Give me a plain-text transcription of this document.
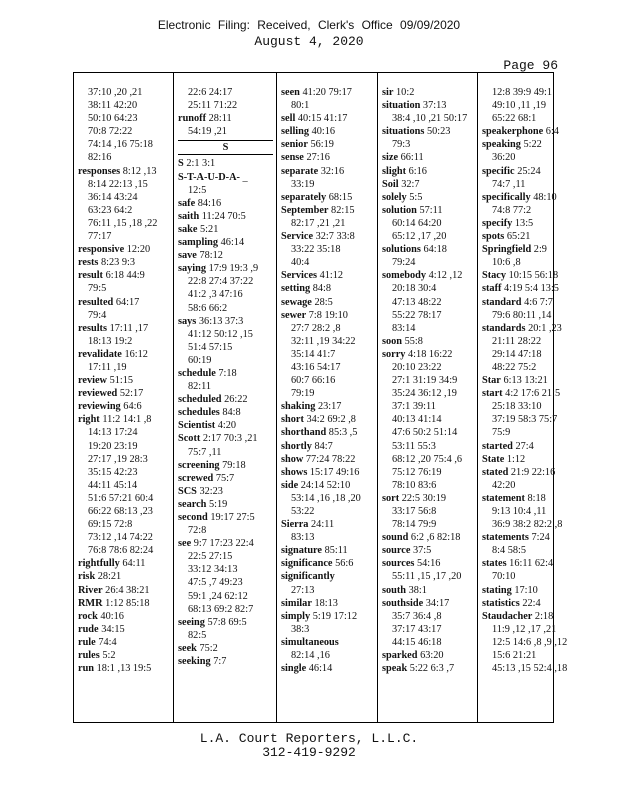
Electronic Filing: Received, Clerk's Office 09/09/2020
August 4, 2020
Page 96
37:10 ,20 ,21
38:11 42:20
50:10 64:23
70:8 72:22
74:14 ,16 75:18
82:16
responses 8:12 ,13
8:14 22:13 ,15
36:14 43:24
63:23 64:2
76:11 ,15 ,18 ,22
77:17
responsive 12:20
rests 8:23 9:3
result 6:18 44:9
79:5
resulted 64:17
79:4
results 17:11 ,17
18:13 19:2
revalidate 16:12
17:11 ,19
review 51:15
reviewed 52:17
reviewing 64:6
right 11:2 14:1 ,8
14:13 17:24
19:20 23:19
27:17 ,19 28:3
35:15 42:23
44:11 45:14
51:6 57:21 60:4
66:22 68:13 ,23
69:15 72:8
73:12 ,14 74:22
76:8 78:6 82:24
rightfully 64:11
risk 28:21
River 26:4 38:21
RMR 1:12 85:18
rock 40:16
rude 34:15
rule 74:4
rules 5:2
run 18:1 ,13 19:5
22:6 24:17
25:11 71:22
runoff 28:11
54:19 ,21
S
S 2:1 3:1
S-T-A-U-D-A- _
12:5
safe 84:16
saith 11:24 70:5
sake 5:21
sampling 46:14
save 78:12
saying 17:9 19:3 ,9
22:8 27:4 37:22
41:2 ,3 47:16
58:6 66:2
says 36:13 37:3
41:12 50:12 ,15
51:4 57:15
60:19
schedule 7:18
82:11
scheduled 26:22
schedules 84:8
Scientist 4:20
Scott 2:17 70:3 ,21
75:7 ,11
screening 79:18
screwed 75:7
SCS 32:23
search 5:19
second 19:17 27:5
72:8
see 9:7 17:23 22:4
22:5 27:15
33:12 34:13
47:5 ,7 49:23
59:1 ,24 62:12
68:13 69:2 82:7
seeing 57:8 69:5
82:5
seek 75:2
seeking 7:7
seen 41:20 79:17
80:1
sell 40:15 41:17
selling 40:16
senior 56:19
sense 27:16
separate 32:16
33:19
separately 68:15
September 82:15
82:17 ,21 ,21
Service 32:7 33:8
33:22 35:18
40:4
Services 41:12
setting 84:8
sewage 28:5
sewer 7:8 19:10
27:7 28:2 ,8
32:11 ,19 34:22
35:14 41:7
43:16 54:17
60:7 66:16
79:19
shaking 23:17
short 34:2 69:2 ,8
shorthand 85:3 ,5
shortly 84:7
show 77:24 78:22
shows 15:17 49:16
side 24:14 52:10
53:14 ,16 ,18 ,20
53:22
Sierra 24:11
83:13
signature 85:11
significance 56:6
significantly
27:13
similar 18:13
simply 5:19 17:12
38:3
simultaneous
82:14 ,16
single 46:14
sir 10:2
situation 37:13
38:4 ,10 ,21 50:17
situations 50:23
79:3
size 66:11
slight 6:16
Soil 32:7
solely 5:5
solution 57:11
60:14 64:20
65:12 ,17 ,20
solutions 64:18
79:24
somebody 4:12 ,12
20:18 30:4
47:13 48:22
55:22 78:17
83:14
soon 55:8
sorry 4:18 16:22
20:10 23:22
27:1 31:19 34:9
35:24 36:12 ,19
37:1 39:11
40:13 41:14
47:6 50:2 51:14
53:11 55:3
68:12 ,20 75:4 ,6
75:12 76:19
78:10 83:6
sort 22:5 30:19
33:17 56:8
78:14 79:9
sound 6:2 ,6 82:18
source 37:5
sources 54:16
55:11 ,15 ,17 ,20
south 38:1
southside 34:17
35:7 36:4 ,8
37:17 43:17
44:15 46:18
sparked 63:20
speak 5:22 6:3 ,7
12:8 39:9 49:1
49:10 ,11 ,19
65:22 68:1
speakerphone 6:4
speaking 5:22
36:20
specific 25:24
74:7 ,11
specifically 48:10
74:8 77:2
specify 13:5
spots 65:21
Springfield 2:9
10:6 ,8
Stacy 10:15 56:18
staff 4:19 5:4 13:5
standard 4:6 7:7
79:6 80:11 ,14
standards 20:1 ,23
21:11 28:22
29:14 47:18
48:22 75:2
Star 6:13 13:21
start 4:2 17:6 21:5
25:18 33:10
37:19 58:3 75:7
75:9
started 27:4
State 1:12
stated 21:9 22:16
42:20
statement 8:18
9:13 10:4 ,11
36:9 38:2 82:2 ,8
statements 7:24
8:4 58:5
states 16:11 62:4
70:10
stating 17:10
statistics 22:4
Staudacher 2:18
11:9 ,12 ,17 ,21
12:5 14:6 ,8 ,9 ,12
15:6 21:21
45:13 ,15 52:4 ,18
L.A. Court Reporters, L.L.C.
312-419-9292
